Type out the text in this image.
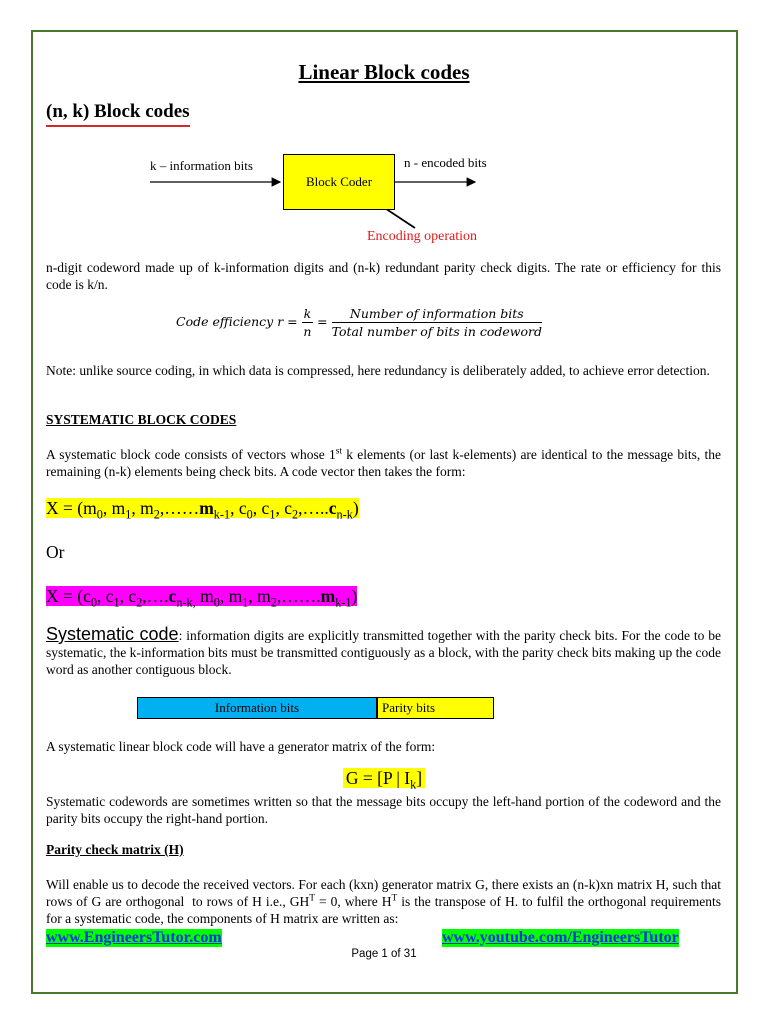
Linear Block codes
(n, k) Block codes
k – information bits
Block Coder
n - encoded bits
Encoding operation

n-digit codeword made up of k-information digits and (n-k) redundant parity check digits. The rate or efficiency for this code is k/n.

Code efficiency $r = \frac{k}{n} = \frac{\text{Number of information bits}}{\text{Total number of bits in codeword}}$

Note: unlike source coding, in which data is compressed, here redundancy is deliberately added, to achieve error detection.

SYSTEMATIC BLOCK CODES

A systematic block code consists of vectors whose 1st k elements (or last k-elements) are identical to the message bits, the remaining (n-k) elements being check bits. A code vector then takes the form:

$X = (m_0$, $m_1$, $m_2,\dots\dots m_{k-1}$, $c_0$, $c_1$, $c_2,\dots..c_{n-k}$)
Or
$X = (c_0$, $c_1$, $c_2,\dots.c_{n-k,}$ $m_0$, $m_1$, $m_2,\dots\dots.m_{k-1}$)

Systematic code: information digits are explicitly transmitted together with the parity check bits. For the code to be systematic, the k-information bits must be transmitted contiguously as a block, with the parity check bits making up the code word as another contiguous block.

Information bits	Parity bits

A systematic linear block code will have a generator matrix of the form:

G = [P | $I_k$]

Systematic codewords are sometimes written so that the message bits occupy the left-hand portion of the codeword and the parity bits occupy the right-hand portion.

Parity check matrix (H)

Will enable us to decode the received vectors. For each (kxn) generator matrix G, there exists an (n-k)xn matrix H, such that rows of G are orthogonal  to rows of H i.e., $GH^T = 0$, where $H^T$ is the transpose of H. to fulfil the orthogonal requirements for a systematic code, the components of H matrix are written as:

www.EngineersTutor.com	www.youtube.com/EngineersTutor
Page 1 of 31
